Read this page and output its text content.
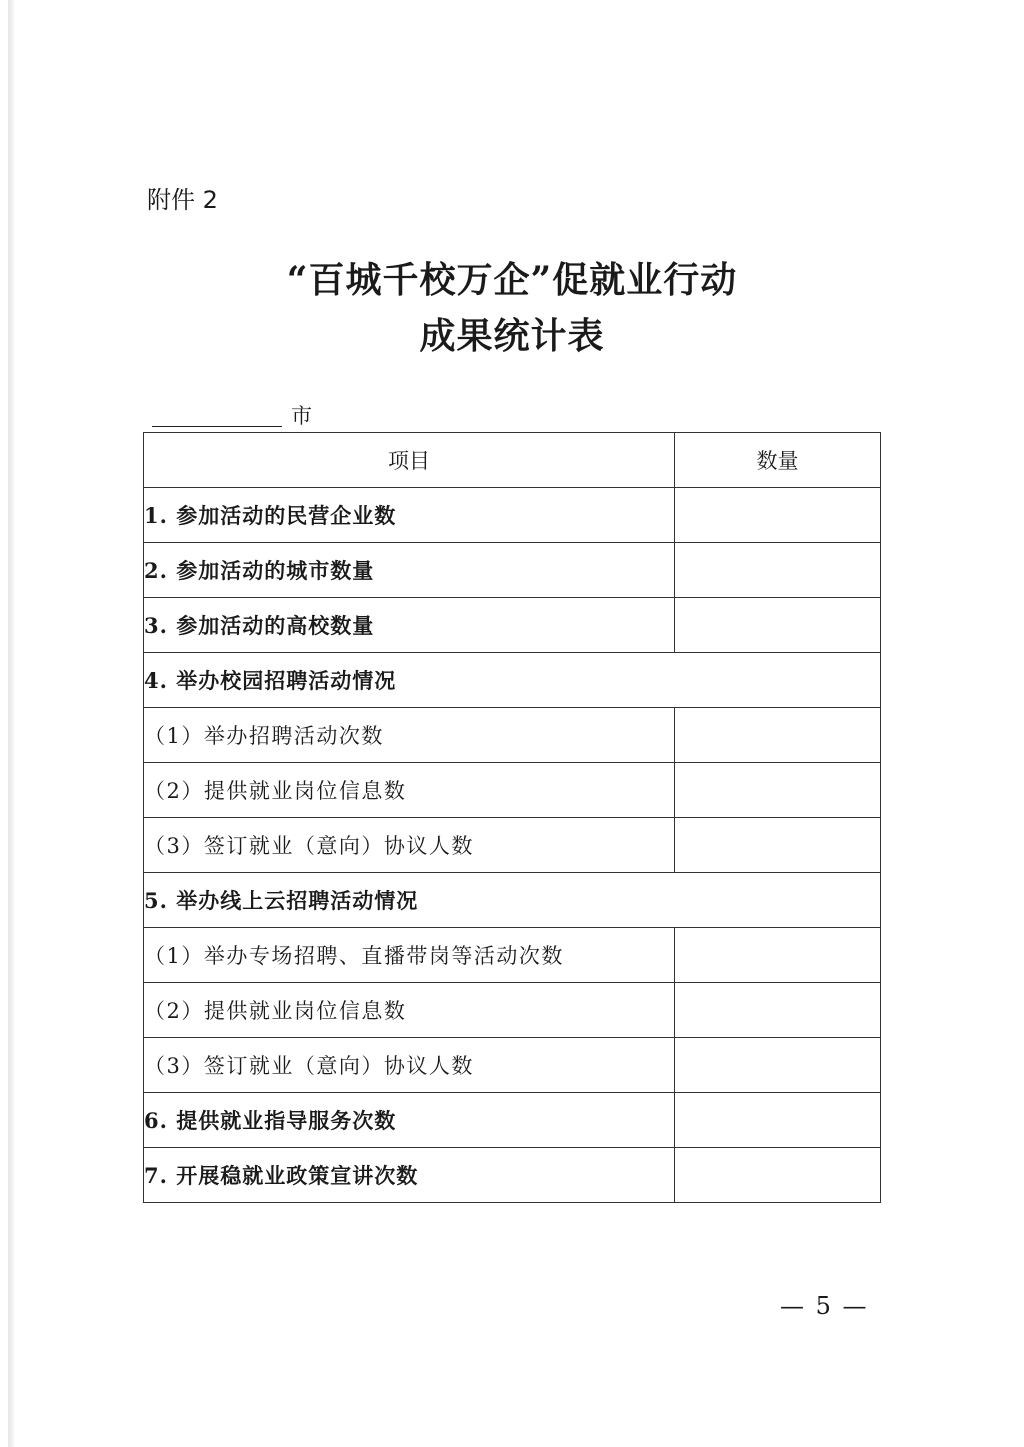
附件 2
“百城千校万企”促就业行动
成果统计表
市
项目	数量
1. 参加活动的民营企业数	
2. 参加活动的城市数量	
3. 参加活动的高校数量	
4. 举办校园招聘活动情况	
（1）举办招聘活动次数	
（2）提供就业岗位信息数	
（3）签订就业（意向）协议人数	
5. 举办线上云招聘活动情况	
（1）举办专场招聘、直播带岗等活动次数	
（2）提供就业岗位信息数	
（3）签订就业（意向）协议人数	
6. 提供就业指导服务次数	
7. 开展稳就业政策宣讲次数	
— 5 —
